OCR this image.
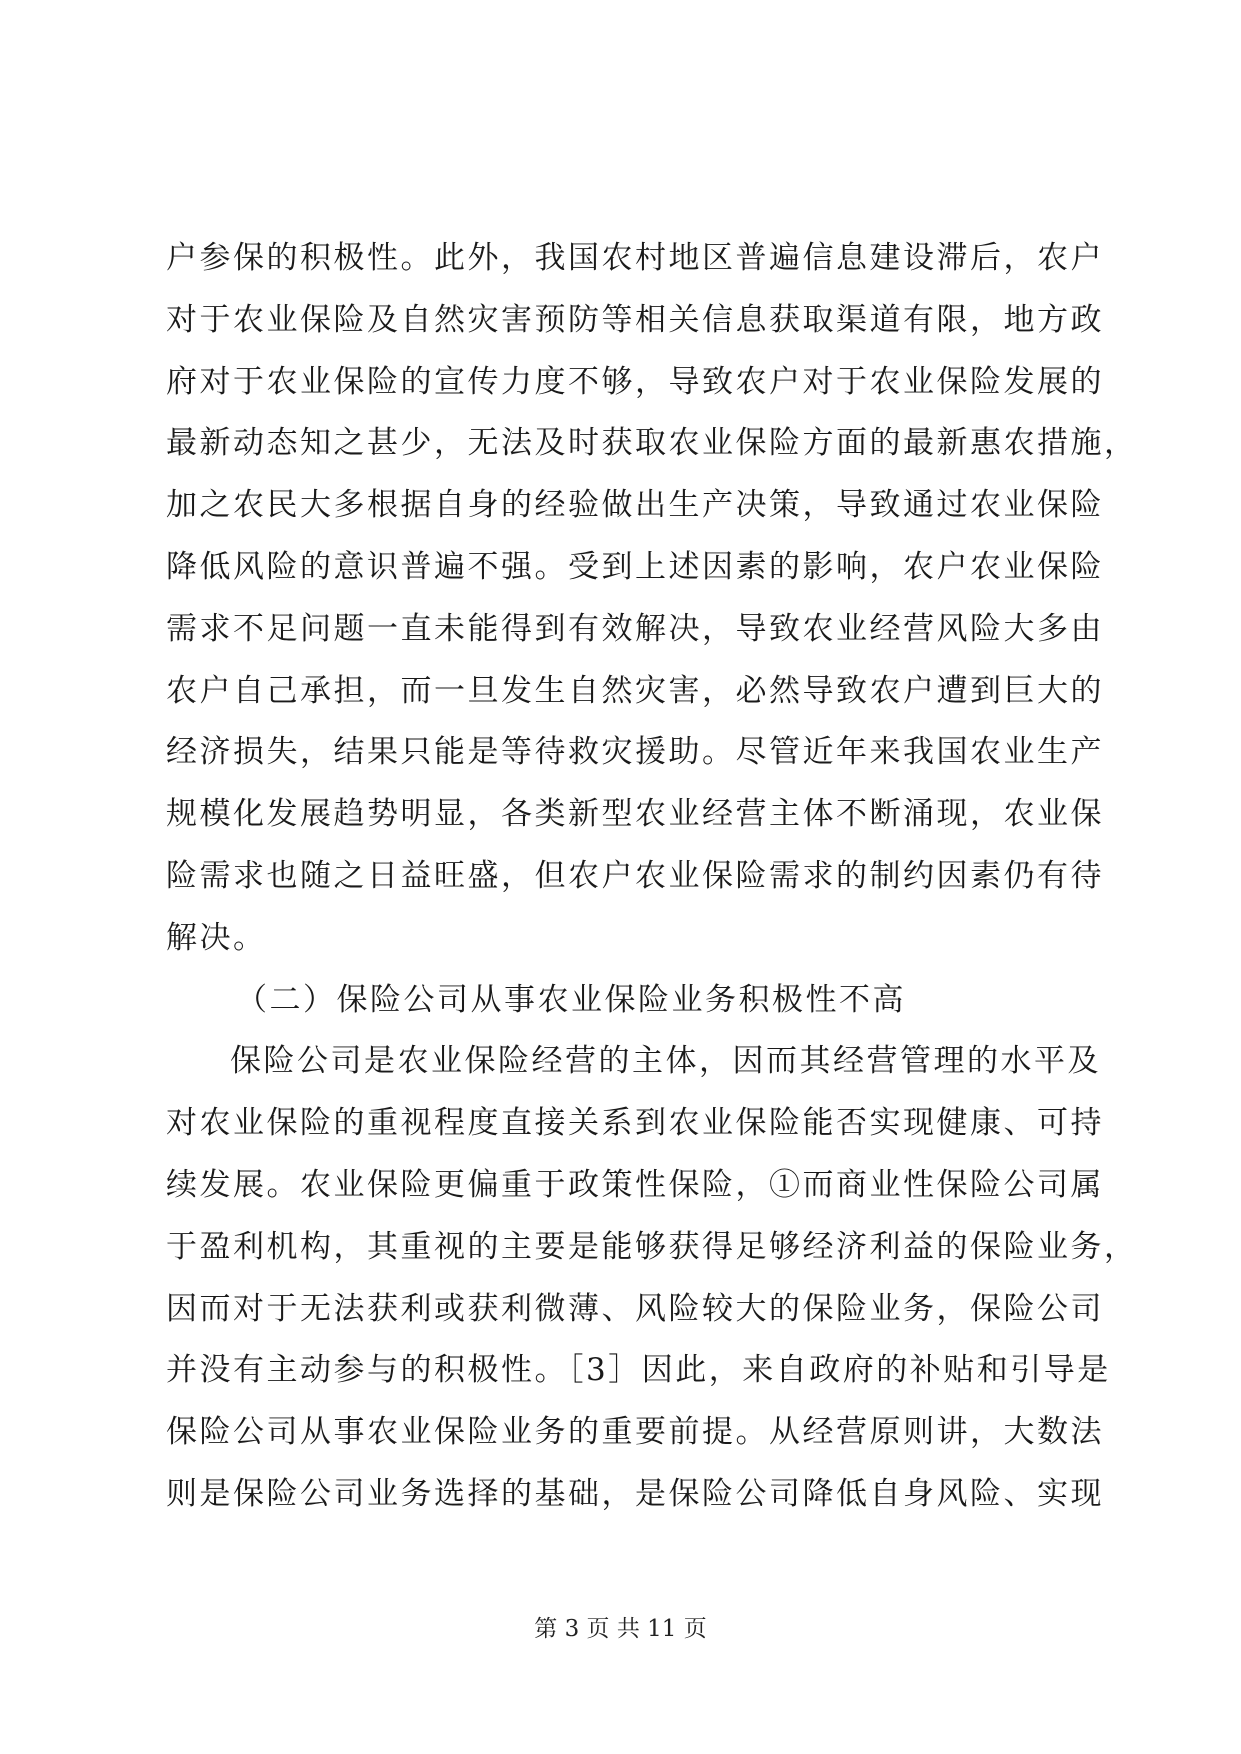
户参保的积极性。此外，我国农村地区普遍信息建设滞后，农户
对于农业保险及自然灾害预防等相关信息获取渠道有限，地方政
府对于农业保险的宣传力度不够，导致农户对于农业保险发展的
最新动态知之甚少，无法及时获取农业保险方面的最新惠农措施，
加之农民大多根据自身的经验做出生产决策，导致通过农业保险
降低风险的意识普遍不强。受到上述因素的影响，农户农业保险
需求不足问题一直未能得到有效解决，导致农业经营风险大多由
农户自己承担，而一旦发生自然灾害，必然导致农户遭到巨大的
经济损失，结果只能是等待救灾援助。尽管近年来我国农业生产
规模化发展趋势明显，各类新型农业经营主体不断涌现，农业保
险需求也随之日益旺盛，但农户农业保险需求的制约因素仍有待
解决。
（二）保险公司从事农业保险业务积极性不高
保险公司是农业保险经营的主体，因而其经营管理的水平及
对农业保险的重视程度直接关系到农业保险能否实现健康、可持
续发展。农业保险更偏重于政策性保险，①而商业性保险公司属
于盈利机构，其重视的主要是能够获得足够经济利益的保险业务，
因而对于无法获利或获利微薄、风险较大的保险业务，保险公司
并没有主动参与的积极性。［3］因此，来自政府的补贴和引导是
保险公司从事农业保险业务的重要前提。从经营原则讲，大数法
则是保险公司业务选择的基础，是保险公司降低自身风险、实现
第 3 页 共 11 页
